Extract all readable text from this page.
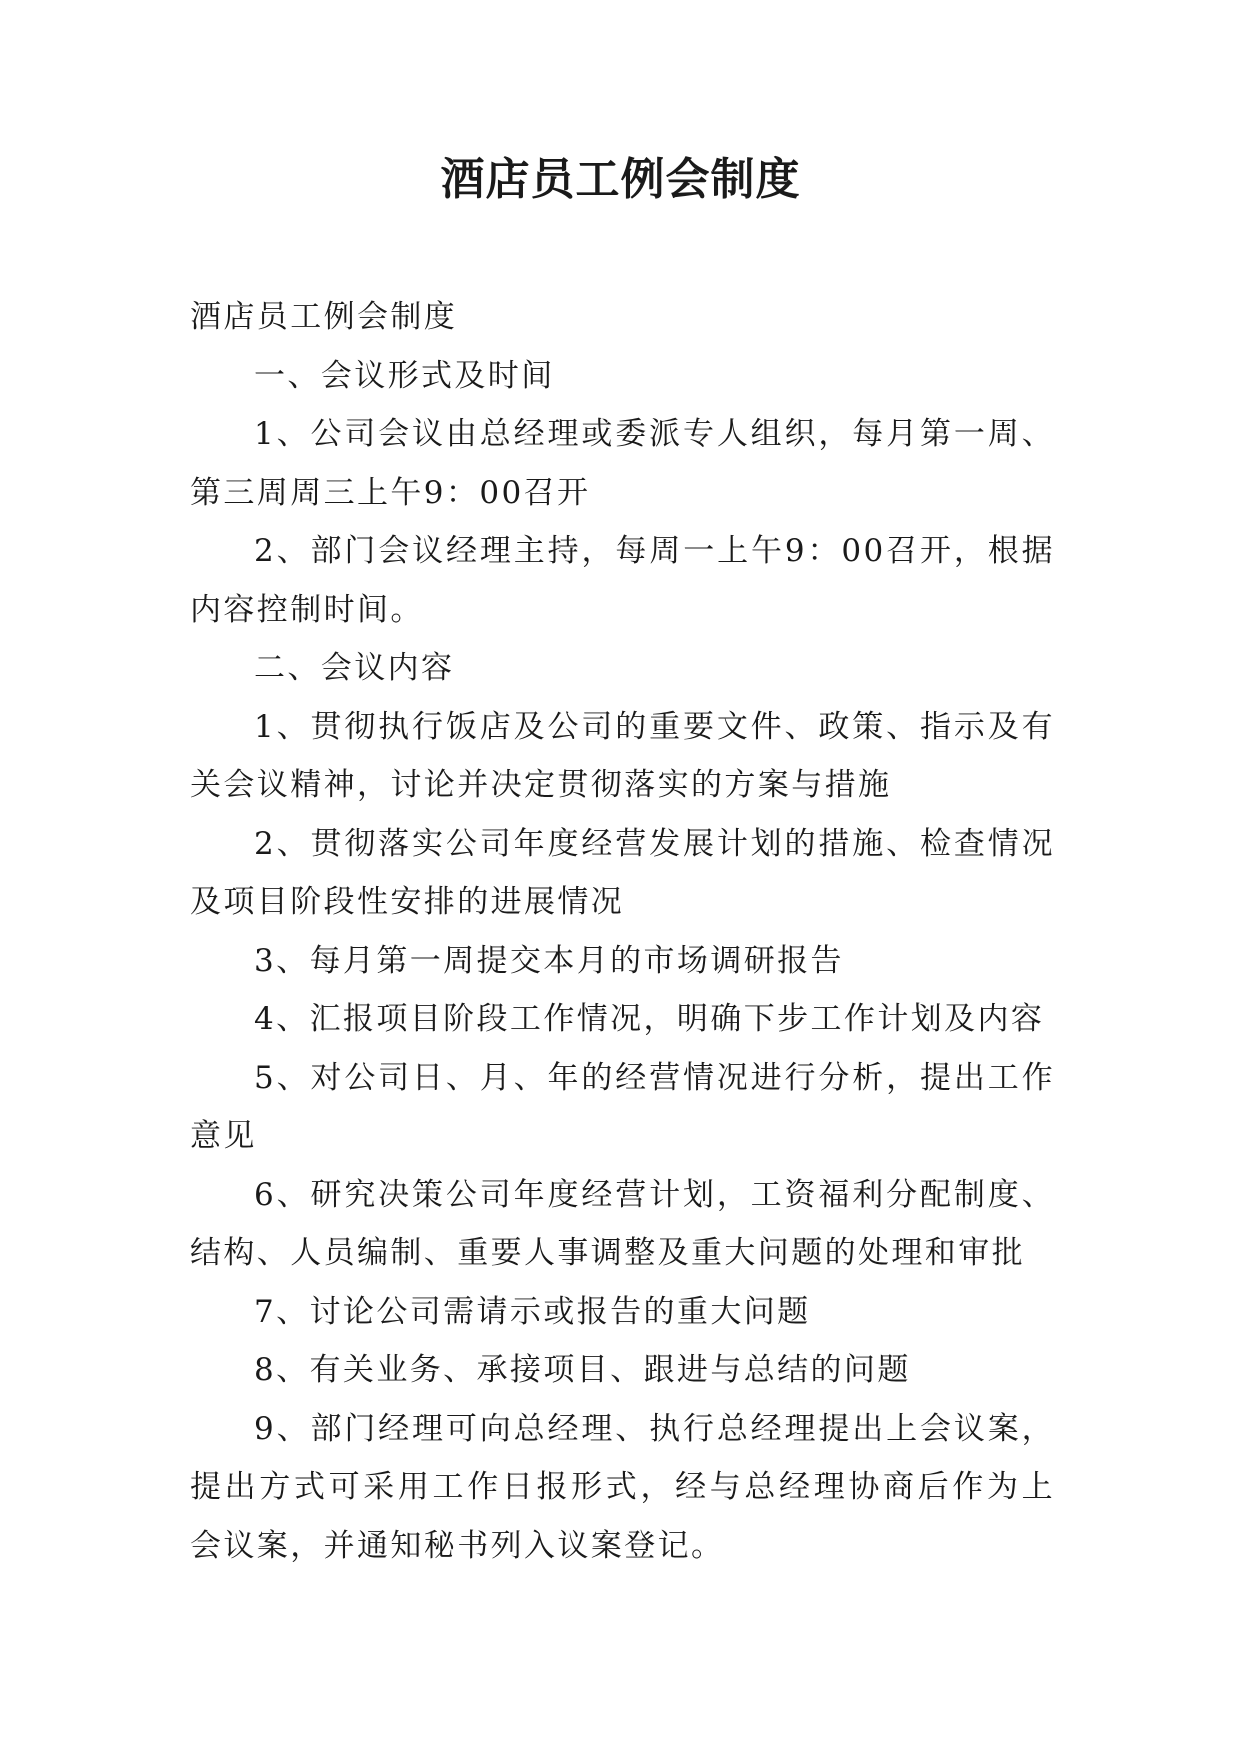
酒店员工例会制度

酒店员工例会制度

一、会议形式及时间

1、公司会议由总经理或委派专人组织，每月第一周、第三周周三上午9：00召开

2、部门会议经理主持，每周一上午9：00召开，根据内容控制时间。

二、会议内容

1、贯彻执行饭店及公司的重要文件、政策、指示及有关会议精神，讨论并决定贯彻落实的方案与措施

2、贯彻落实公司年度经营发展计划的措施、检查情况及项目阶段性安排的进展情况

3、每月第一周提交本月的市场调研报告

4、汇报项目阶段工作情况，明确下步工作计划及内容

5、对公司日、月、年的经营情况进行分析，提出工作意见

6、研究决策公司年度经营计划，工资福利分配制度、结构、人员编制、重要人事调整及重大问题的处理和审批

7、讨论公司需请示或报告的重大问题

8、有关业务、承接项目、跟进与总结的问题

9、部门经理可向总经理、执行总经理提出上会议案，提出方式可采用工作日报形式，经与总经理协商后作为上会议案，并通知秘书列入议案登记。
